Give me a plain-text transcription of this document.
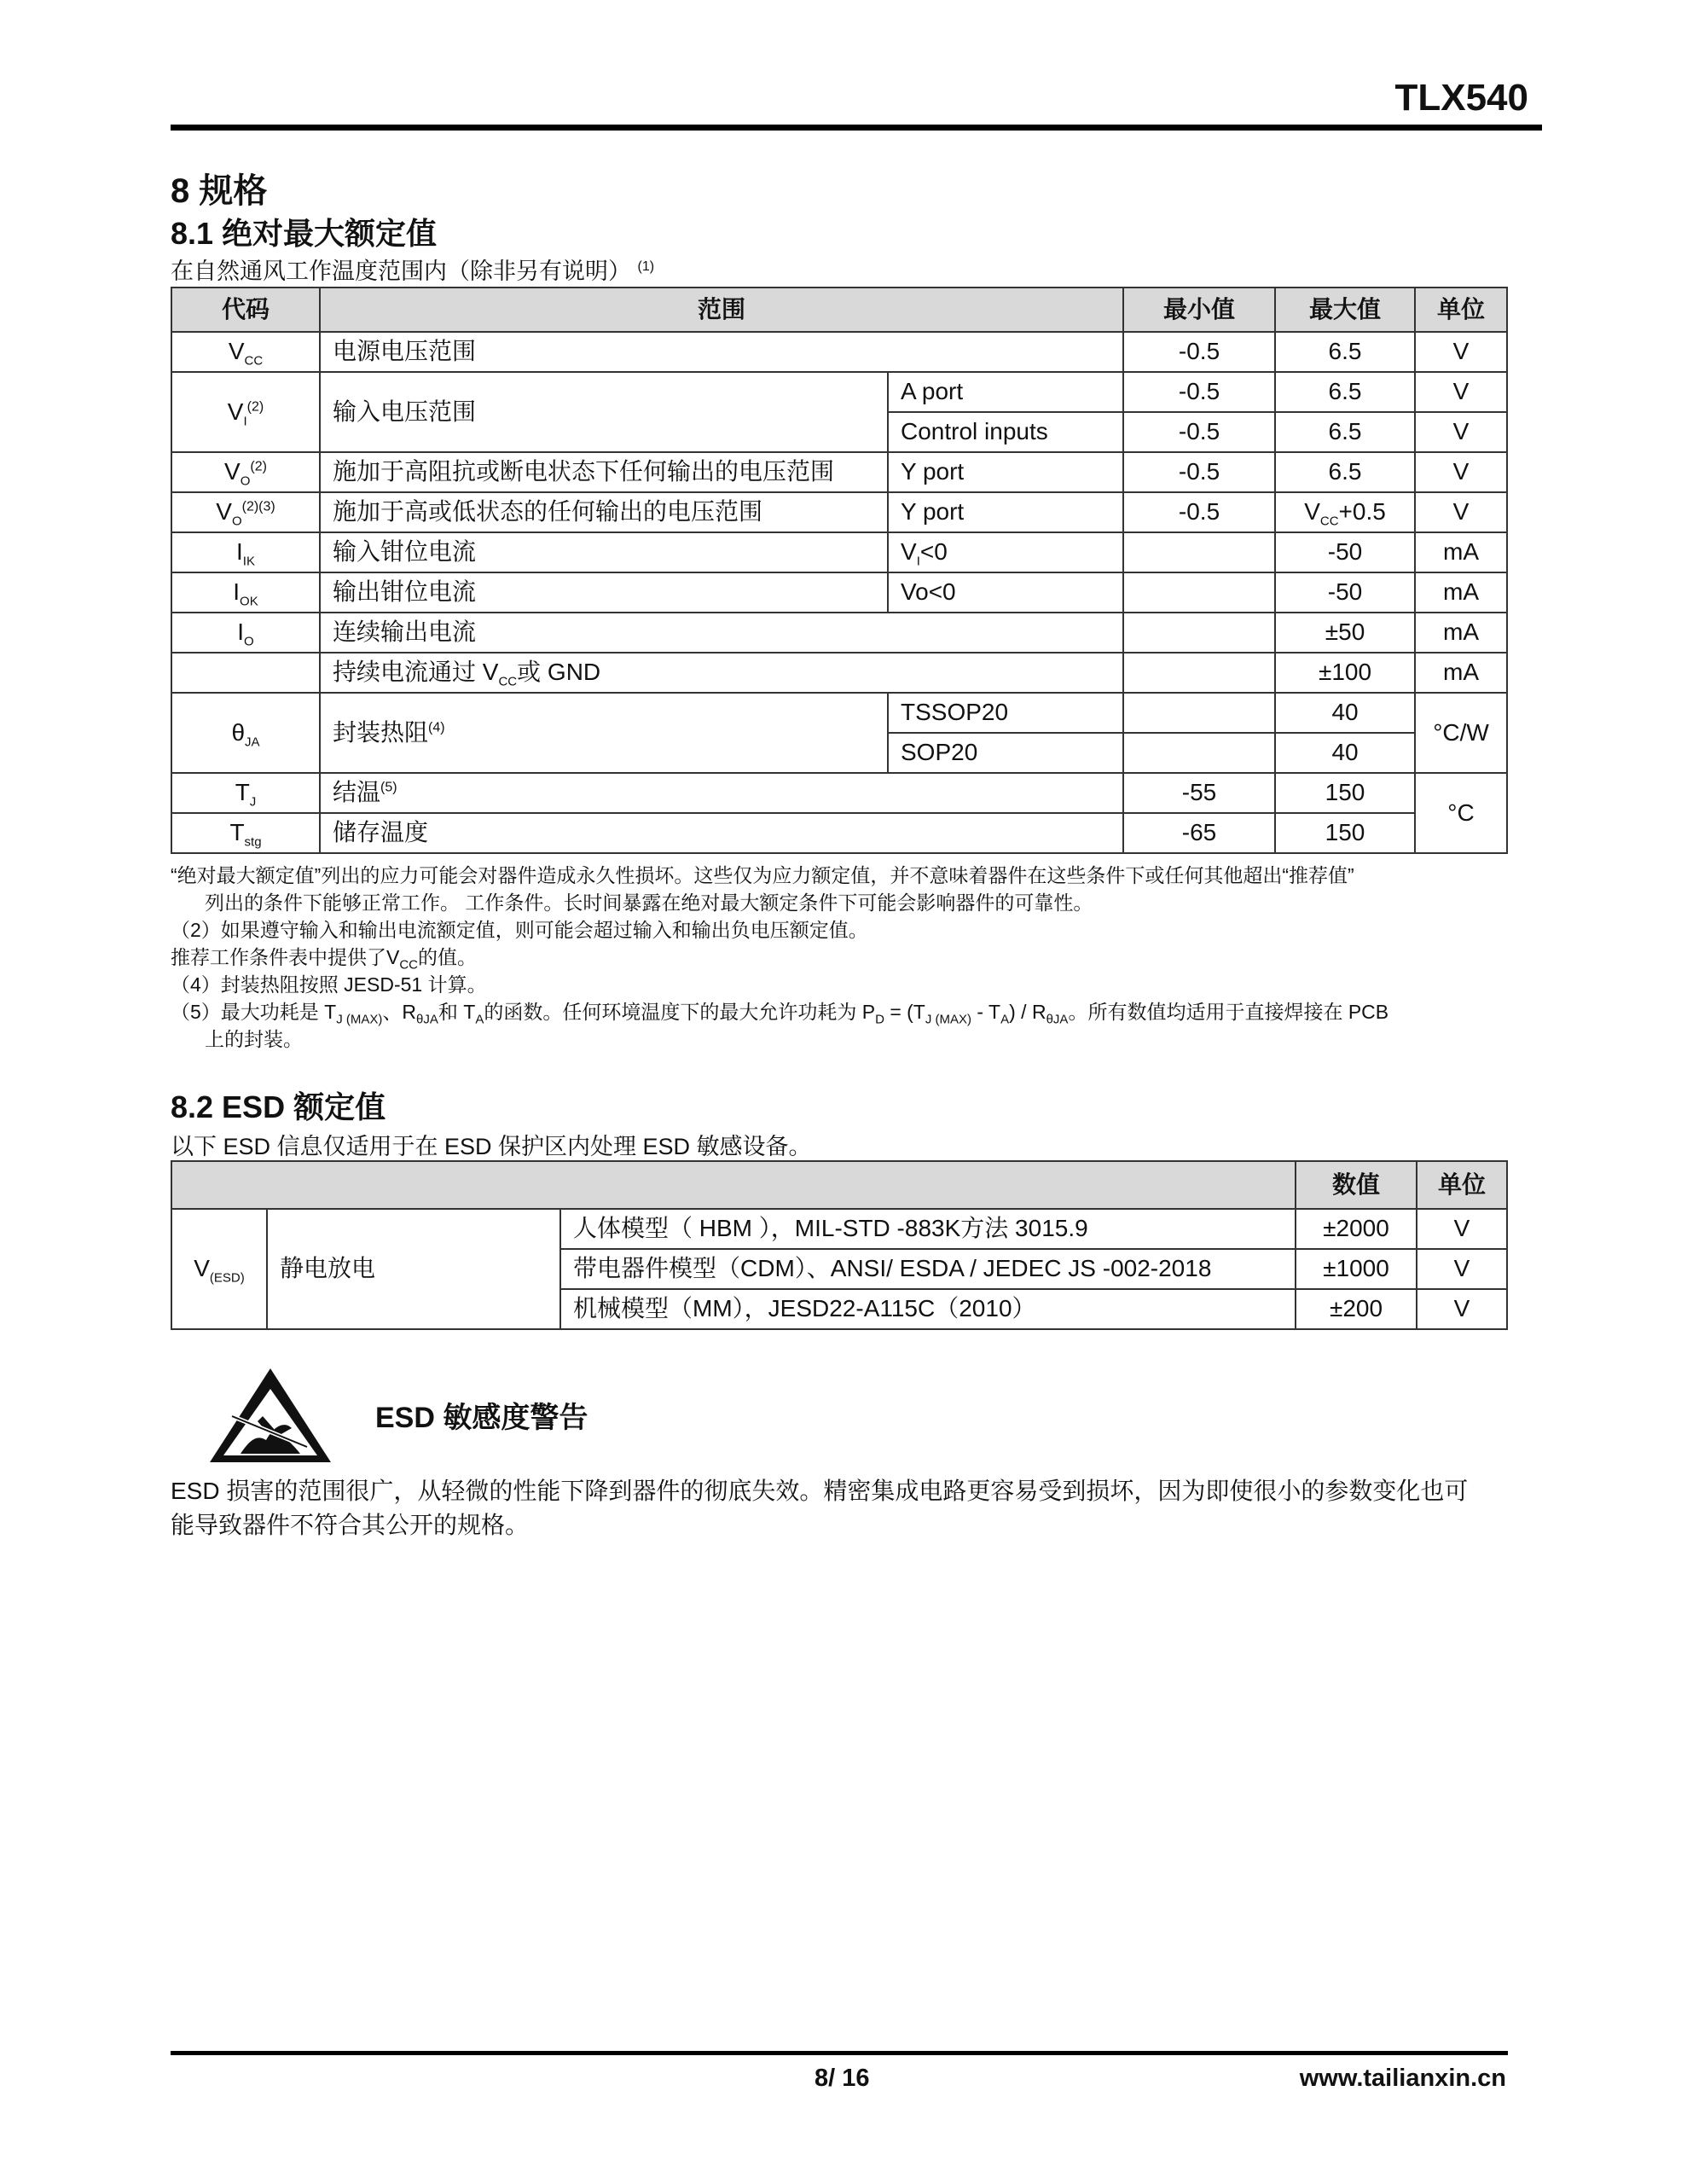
TLX540
8 规格
8.1 绝对最大额定值
在自然通风工作温度范围内（除非另有说明） $^{(1)}$
代码	范围		最小值	最大值	单位
$V_{CC}$	电源电压范围		-0.5	6.5	V
$V_I^{(2)}$	输入电压范围	A port	-0.5	6.5	V
		Control inputs	-0.5	6.5	V
$V_O^{(2)}$	施加于高阻抗或断电状态下任何输出的电压范围	Y port	-0.5	6.5	V
$V_O^{(2)(3)}$	施加于高或低状态的任何输出的电压范围	Y port	-0.5	$V_{CC}+0.5$	V
$I_{IK}$	输入钳位电流	$V_I<0$		-50	mA
$I_{OK}$	输出钳位电流	Vo<0		-50	mA
$I_O$	连续输出电流			±50	mA
	持续电流通过 $V_{CC}$或 GND			±100	mA
$\theta_{JA}$	封装热阻$^{(4)}$	TSSOP20		40	°C/W
		SOP20		40	
$T_J$	结温$^{(5)}$		-55	150	°C
$T_{stg}$	储存温度		-65	150	
“绝对最大额定值”列出的应力可能会对器件造成永久性损坏。这些仅为应力额定值，并不意味着器件在这些条件下或任何其他超出“推荐值”
列出的条件下能够正常工作。 工作条件。长时间暴露在绝对最大额定条件下可能会影响器件的可靠性。
（2）如果遵守输入和输出电流额定值，则可能会超过输入和输出负电压额定值。
推荐工作条件表中提供了$V_{CC}$的值。
（4）封装热阻按照 JESD-51 计算。
（5）最大功耗是 $T_{J (MAX)}$、$R_{\theta JA}$和 $T_A$的函数。任何环境温度下的最大允许功耗为 $P_D = (T_{J (MAX)} - T_A) / R_{\theta JA}$。所有数值均适用于直接焊接在 PCB
上的封装。
8.2 ESD 额定值
以下 ESD 信息仅适用于在 ESD 保护区内处理 ESD 敏感设备。
			数值	单位
$V_{(ESD)}$	静电放电	人体模型（ HBM ），MIL-STD -883K方法 3015.9	±2000	V
		带电器件模型（CDM）、ANSI/ ESDA / JEDEC JS -002-2018	±1000	V
		机械模型（MM），JESD22-A115C（2010）	±200	V
ESD 敏感度警告
ESD 损害的范围很广，从轻微的性能下降到器件的彻底失效。精密集成电路更容易受到损坏，因为即使很小的参数变化也可
能导致器件不符合其公开的规格。
8/ 16	www.tailianxin.cn
